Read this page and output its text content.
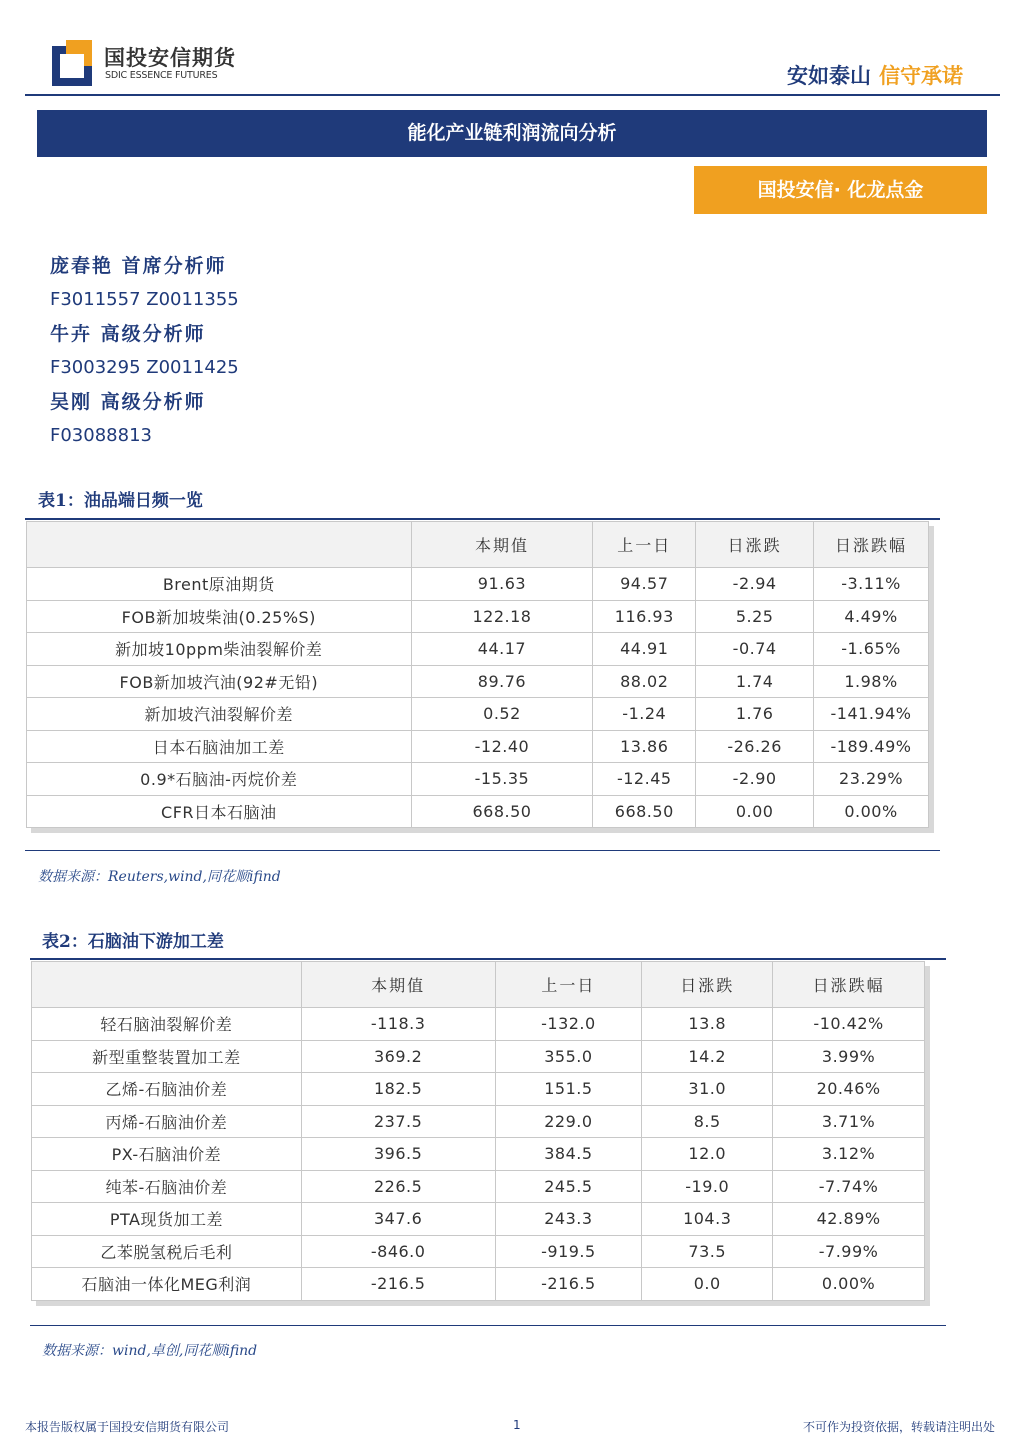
国投安信期货
SDIC ESSENCE FUTURES	安如泰山 信守承诺
能化产业链利润流向分析
国投安信· 化龙点金
庞春艳 首席分析师
F3011557 Z0011355
牛卉 高级分析师
F3003295 Z0011425
吴刚 高级分析师
F03088813
表1：油品端日频一览
	本期值	上一日	日涨跌	日涨跌幅
Brent原油期货	91.63	94.57	-2.94	-3.11%
FOB新加坡柴油(0.25%S)	122.18	116.93	5.25	4.49%
新加坡10ppm柴油裂解价差	44.17	44.91	-0.74	-1.65%
FOB新加坡汽油(92#无铅)	89.76	88.02	1.74	1.98%
新加坡汽油裂解价差	0.52	-1.24	1.76	-141.94%
日本石脑油加工差	-12.40	13.86	-26.26	-189.49%
0.9*石脑油-丙烷价差	-15.35	-12.45	-2.90	23.29%
CFR日本石脑油	668.50	668.50	0.00	0.00%
数据来源：Reuters,wind,同花顺ifind
表2：石脑油下游加工差
	本期值	上一日	日涨跌	日涨跌幅
轻石脑油裂解价差	-118.3	-132.0	13.8	-10.42%
新型重整装置加工差	369.2	355.0	14.2	3.99%
乙烯-石脑油价差	182.5	151.5	31.0	20.46%
丙烯-石脑油价差	237.5	229.0	8.5	3.71%
PX-石脑油价差	396.5	384.5	12.0	3.12%
纯苯-石脑油价差	226.5	245.5	-19.0	-7.74%
PTA现货加工差	347.6	243.3	104.3	42.89%
乙苯脱氢税后毛利	-846.0	-919.5	73.5	-7.99%
石脑油一体化MEG利润	-216.5	-216.5	0.0	0.00%
数据来源：wind,卓创,同花顺ifind
本报告版权属于国投安信期货有限公司	1	不可作为投资依据，转载请注明出处
